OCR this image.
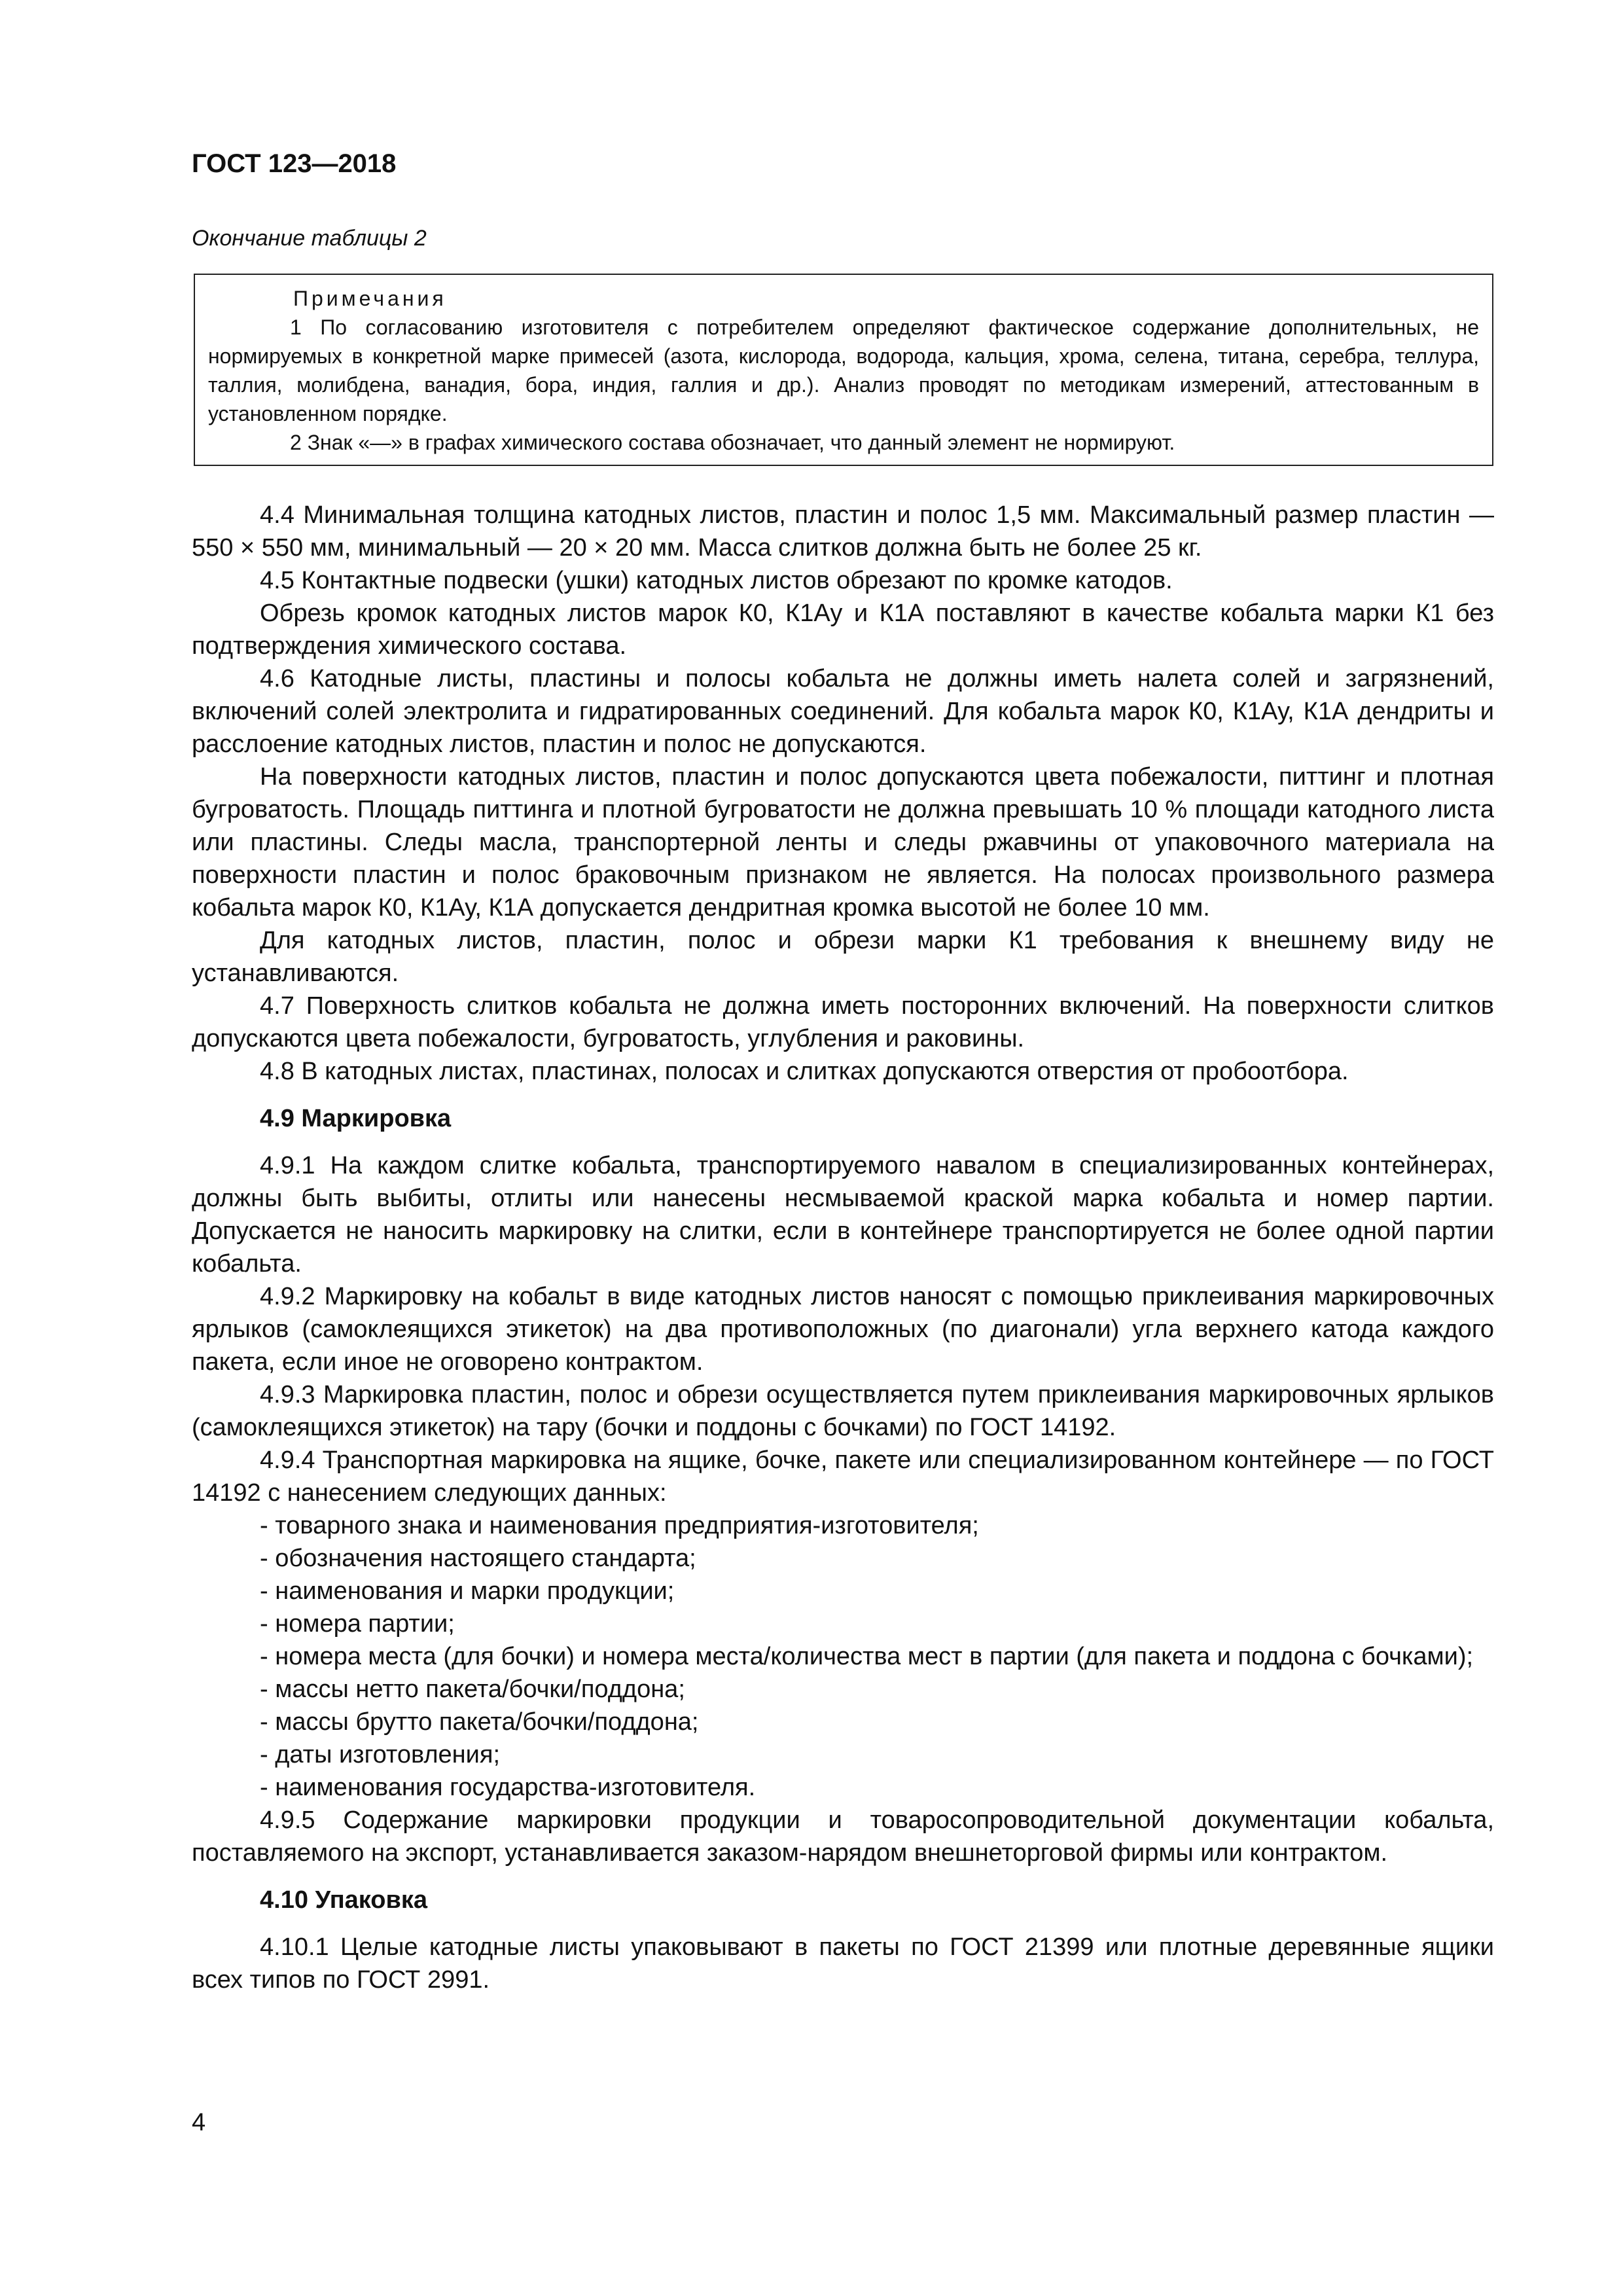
ГОСТ 123—2018
Окончание таблицы 2
Примечания

1 По согласованию изготовителя с потребителем определяют фактическое содержание дополнительных, не нормируемых в конкретной марке примесей (азота, кислорода, водорода, кальция, хрома, селена, титана, серебра, теллура, таллия, молибдена, ванадия, бора, индия, галлия и др.). Анализ проводят по методикам измерений, аттестованным в установленном порядке.

2 Знак «—» в графах химического состава обозначает, что данный элемент не нормируют.

4.4 Минимальная толщина катодных листов, пластин и полос 1,5 мм. Максимальный размер пластин — 550 × 550 мм, минимальный — 20 × 20 мм. Масса слитков должна быть не более 25 кг.

4.5 Контактные подвески (ушки) катодных листов обрезают по кромке катодов.

Обрезь кромок катодных листов марок К0, К1Ау и К1А поставляют в качестве кобальта марки К1 без подтверждения химического состава.

4.6 Катодные листы, пластины и полосы кобальта не должны иметь налета солей и загрязнений, включений солей электролита и гидратированных соединений. Для кобальта марок К0, К1Ау, К1А дендриты и расслоение катодных листов, пластин и полос не допускаются.

На поверхности катодных листов, пластин и полос допускаются цвета побежалости, питтинг и плотная бугроватость. Площадь питтинга и плотной бугроватости не должна превышать 10 % площади катодного листа или пластины. Следы масла, транспортерной ленты и следы ржавчины от упаковочного материала на поверхности пластин и полос браковочным признаком не является. На полосах произвольного размера кобальта марок К0, К1Ау, К1А допускается дендритная кромка высотой не более 10 мм.

Для катодных листов, пластин, полос и обрези марки К1 требования к внешнему виду не устанавливаются.

4.7 Поверхность слитков кобальта не должна иметь посторонних включений. На поверхности слитков допускаются цвета побежалости, бугроватость, углубления и раковины.

4.8 В катодных листах, пластинах, полосах и слитках допускаются отверстия от пробоотбора.

4.9 Маркировка

4.9.1 На каждом слитке кобальта, транспортируемого навалом в специализированных контейнерах, должны быть выбиты, отлиты или нанесены несмываемой краской марка кобальта и номер партии. Допускается не наносить маркировку на слитки, если в контейнере транспортируется не более одной партии кобальта.

4.9.2 Маркировку на кобальт в виде катодных листов наносят с помощью приклеивания маркировочных ярлыков (самоклеящихся этикеток) на два противоположных (по диагонали) угла верхнего катода каждого пакета, если иное не оговорено контрактом.

4.9.3 Маркировка пластин, полос и обрези осуществляется путем приклеивания маркировочных ярлыков (самоклеящихся этикеток) на тару (бочки и поддоны с бочками) по ГОСТ 14192.

4.9.4 Транспортная маркировка на ящике, бочке, пакете или специализированном контейнере — по ГОСТ 14192 с нанесением следующих данных:

- товарного знака и наименования предприятия-изготовителя;

- обозначения настоящего стандарта;

- наименования и марки продукции;

- номера партии;

- номера места (для бочки) и номера места/количества мест в партии (для пакета и поддона с бочками);

- массы нетто пакета/бочки/поддона;

- массы брутто пакета/бочки/поддона;

- даты изготовления;

- наименования государства-изготовителя.

4.9.5 Содержание маркировки продукции и товаросопроводительной документации кобальта, поставляемого на экспорт, устанавливается заказом-нарядом внешнеторговой фирмы или контрактом.

4.10 Упаковка

4.10.1 Целые катодные листы упаковывают в пакеты по ГОСТ 21399 или плотные деревянные ящики всех типов по ГОСТ 2991.

4
